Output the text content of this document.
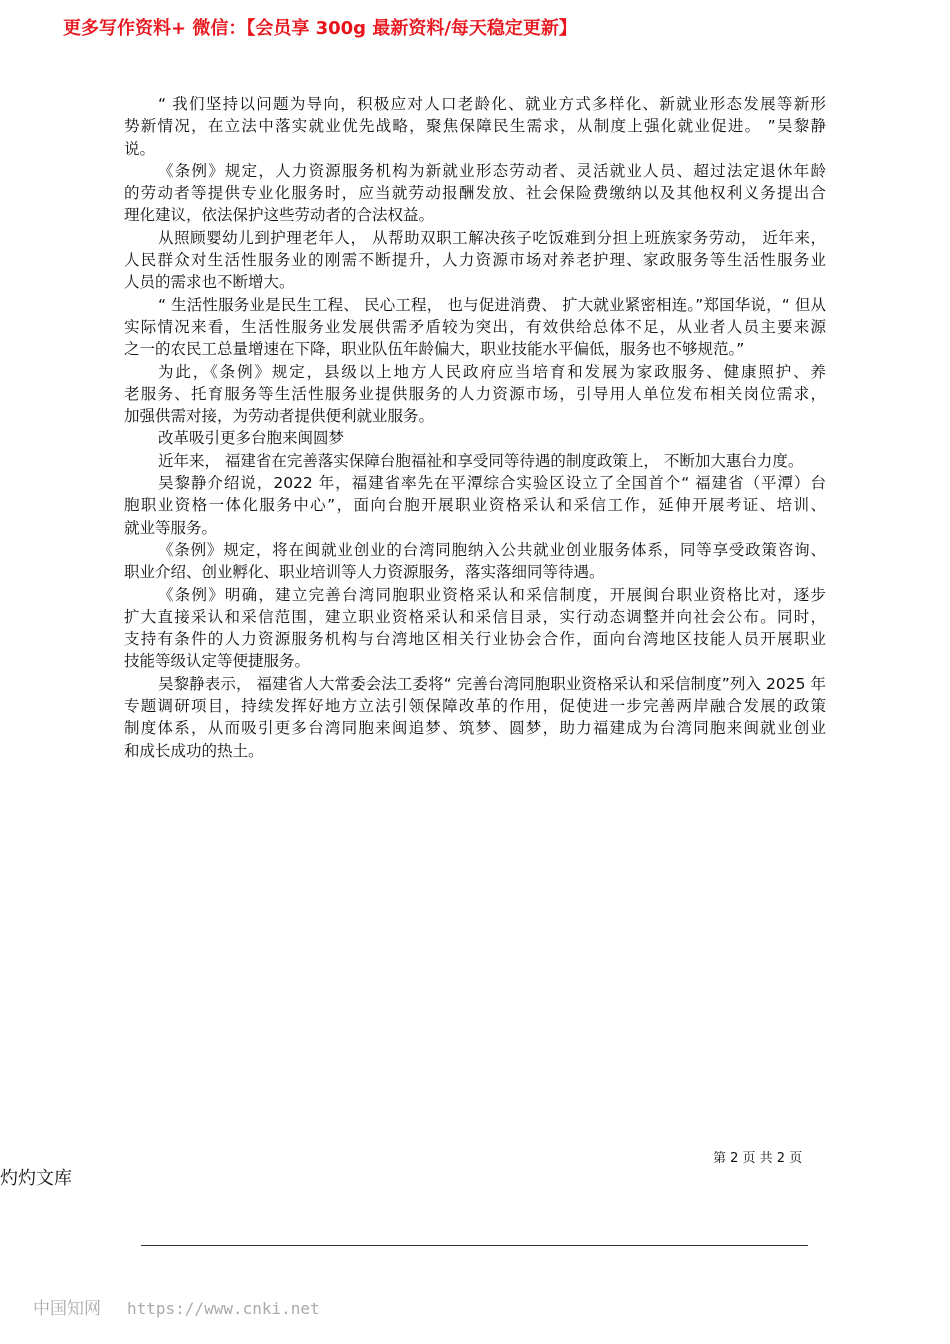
更多写作资料+ 微信：【会员享 300g 最新资料/每天稳定更新】
“ 我们坚持以问题为导向，积极应对人口老龄化、就业方式多样化、新就业形态发展等新形
势新情况，在立法中落实就业优先战略，聚焦保障民生需求，从制度上强化就业促进。 ”吴黎静
说。
《条例》规定，人力资源服务机构为新就业形态劳动者、灵活就业人员、超过法定退休年龄
的劳动者等提供专业化服务时，应当就劳动报酬发放、社会保险费缴纳以及其他权利义务提出合
理化建议，依法保护这些劳动者的合法权益。
从照顾婴幼儿到护理老年人， 从帮助双职工解决孩子吃饭难到分担上班族家务劳动， 近年来，
人民群众对生活性服务业的刚需不断提升，人力资源市场对养老护理、家政服务等生活性服务业
人员的需求也不断增大。
“ 生活性服务业是民生工程、 民心工程， 也与促进消费、 扩大就业紧密相连。”郑国华说，“ 但从
实际情况来看，生活性服务业发展供需矛盾较为突出，有效供给总体不足，从业者人员主要来源
之一的农民工总量增速在下降，职业队伍年龄偏大，职业技能水平偏低，服务也不够规范。”
为此，《条例》规定，县级以上地方人民政府应当培育和发展为家政服务、健康照护、养
老服务、托育服务等生活性服务业提供服务的人力资源市场，引导用人单位发布相关岗位需求，
加强供需对接，为劳动者提供便利就业服务。
改革吸引更多台胞来闽圆梦
近年来， 福建省在完善落实保障台胞福祉和享受同等待遇的制度政策上， 不断加大惠台力度。
吴黎静介绍说，2022 年，福建省率先在平潭综合实验区设立了全国首个“ 福建省（平潭）台
胞职业资格一体化服务中心”，面向台胞开展职业资格采认和采信工作，延伸开展考证、培训、
就业等服务。
《条例》规定，将在闽就业创业的台湾同胞纳入公共就业创业服务体系，同等享受政策咨询、
职业介绍、创业孵化、职业培训等人力资源服务，落实落细同等待遇。
《条例》明确，建立完善台湾同胞职业资格采认和采信制度，开展闽台职业资格比对，逐步
扩大直接采认和采信范围，建立职业资格采认和采信目录，实行动态调整并向社会公布。同时，
支持有条件的人力资源服务机构与台湾地区相关行业协会合作，面向台湾地区技能人员开展职业
技能等级认定等便捷服务。
吴黎静表示， 福建省人大常委会法工委将“ 完善台湾同胞职业资格采认和采信制度”列入 2025 年
专题调研项目，持续发挥好地方立法引领保障改革的作用，促使进一步完善两岸融合发展的政策
制度体系，从而吸引更多台湾同胞来闽追梦、筑梦、圆梦，助力福建成为台湾同胞来闽就业创业
和成长成功的热土。
第 2 页 共 2 页
灼灼文库
中国知网 https://www.cnki.net
